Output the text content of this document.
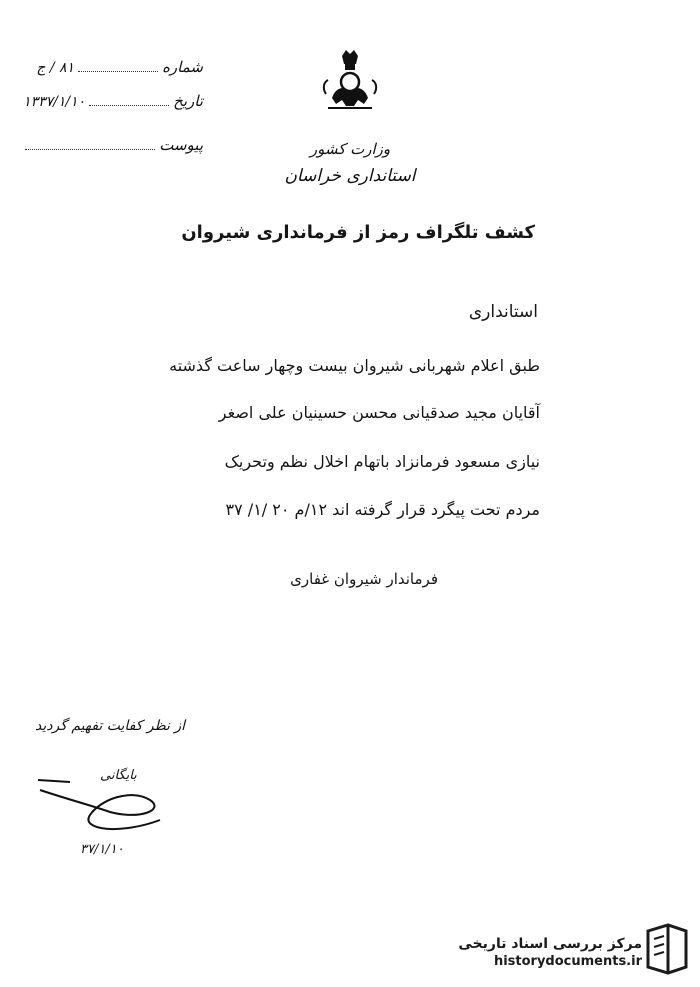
شماره
۸۱ / ج
تاریخ
۱۳۳۷/۱/۱۰
پیوست	وزارت کشور
استانداری خراسان
کشف تلگراف رمز از فرمانداری شیروان
استانداری
طبق اعلام شهربانی شیروان بیست وچهار ساعت گذشته
آقایان مجید صدقیانی محسن حسینیان علی اصغر
نیازی مسعود فرمانزاد باتهام اخلال نظم وتحریک
مردم تحت پیگرد قرار گرفته اند ۱۲/م ۲۰ /۱/ ۳۷
فرماندار شیروان غفاری
از نظر کفایت تفهیم گردید
بایگانی
۳۷/۱/۱۰
مرکز بررسی اسناد تاریخی
historydocuments.ir
